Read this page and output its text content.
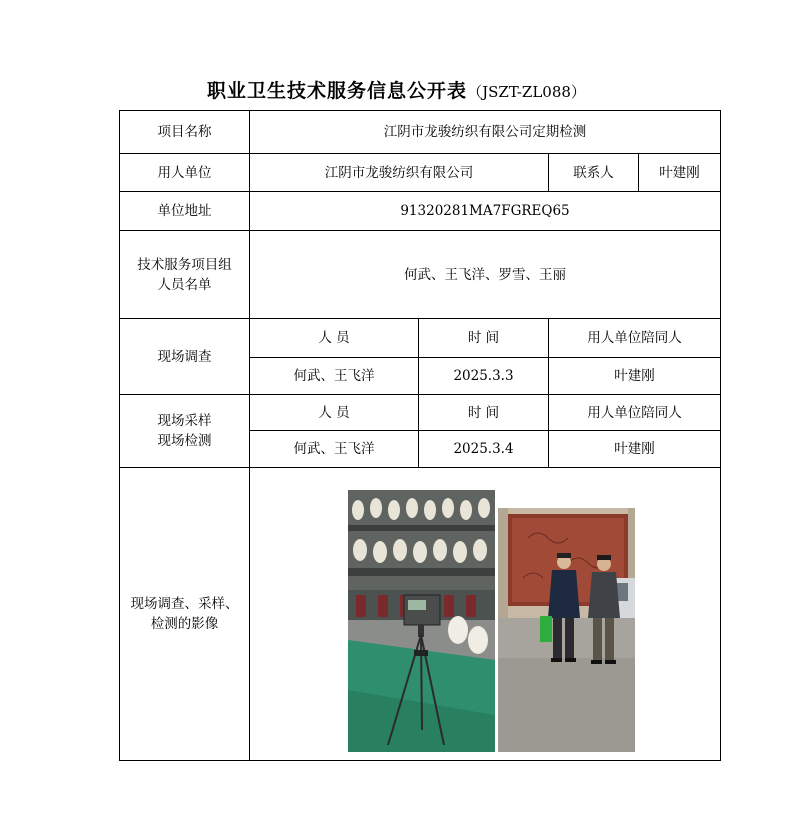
职业卫生技术服务信息公开表（JSZT-ZL088）
项目名称	江阴市龙骏纺织有限公司定期检测			
用人单位	江阴市龙骏纺织有限公司		联系人	叶建刚
单位地址	91320281MA7FGREQ65			

技术服务项目组
人员名单	何武、王飞洋、罗雪、王丽			
现场调查	人 员	时 间	用人单位陪同人	
	何武、王飞洋	2025.3.3	叶建刚	

现场采样
现场检测	人 员	时 间	用人单位陪同人	
	何武、王飞洋	2025.3.4	叶建刚	

现场调查、采样、
检测的影像
